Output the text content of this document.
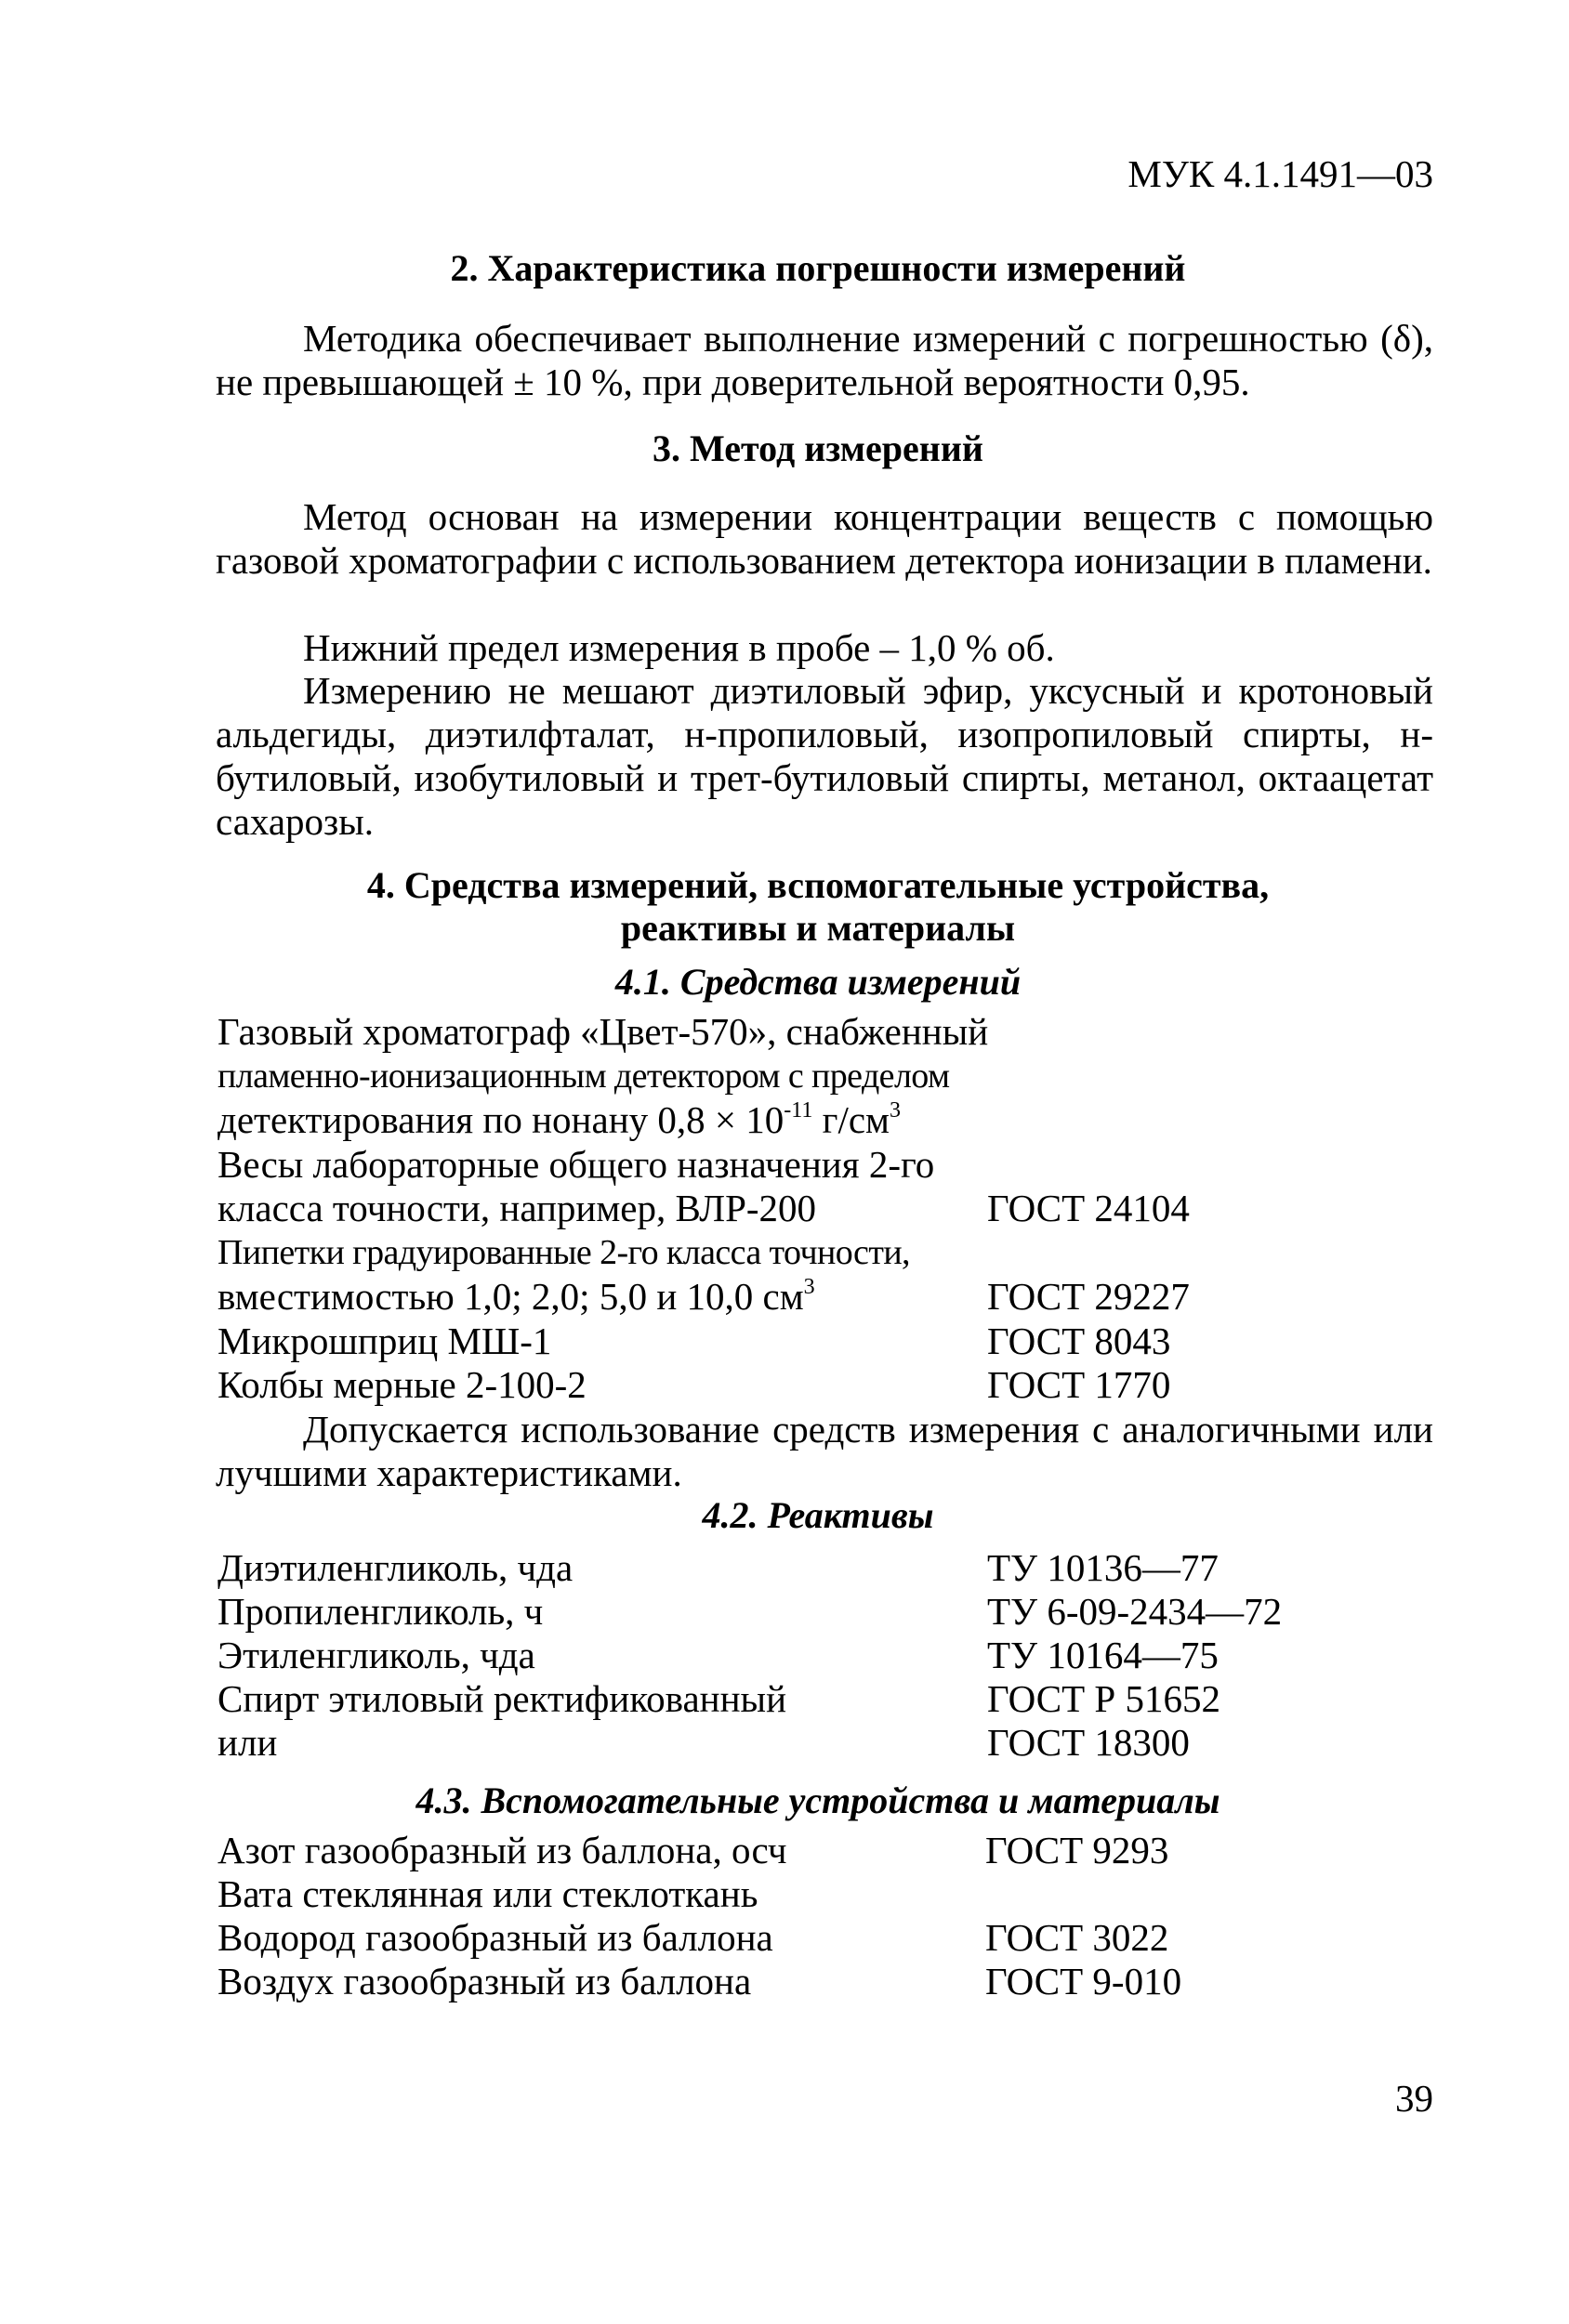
МУК 4.1.1491—03
2. Характеристика погрешности измерений
Методика обеспечивает выполнение измерений с погрешностью (δ), не превышающей ± 10 %, при доверительной вероятности 0,95.
3. Метод измерений
Метод основан на измерении концентрации веществ с помощью газовой хроматографии с использованием детектора ионизации в пламени.
Нижний предел измерения в пробе – 1,0 % об.
Измерению не мешают диэтиловый эфир, уксусный и кротоновый альдегиды, диэтилфталат, н-пропиловый, изопропиловый спирты, н-бутиловый, изобутиловый и трет-бутиловый спирты, метанол, октаацетат сахарозы.
4. Средства измерений, вспомогательные устройства,
реактивы и материалы
4.1. Средства измерений
Газовый хроматограф «Цвет-570», снабженный
пламенно-ионизационным детектором с пределом
детектирования по нонану $0,8 \times 10^{-11}$ $г/см^3$
Весы лабораторные общего назначения 2-го
класса точности, например, ВЛР-200	ГОСТ 24104
Пипетки градуированные 2-го класса точности,
вместимостью 1,0; 2,0; 5,0 и 10,0 $см^3$	ГОСТ 29227
Микрошприц МШ-1	ГОСТ 8043
Колбы мерные 2-100-2	ГОСТ 1770
Допускается использование средств измерения с аналогичными или лучшими характеристиками.
4.2. Реактивы
Диэтиленгликоль, чда	ТУ 10136—77
Пропиленгликоль, ч	ТУ 6-09-2434—72
Этиленгликоль, чда	ТУ 10164—75
Спирт этиловый ректификованный	ГОСТ Р 51652
или	ГОСТ 18300
4.3. Вспомогательные устройства и материалы
Азот газообразный из баллона, осч	ГОСТ 9293
Вата стеклянная или стеклоткань
Водород газообразный из баллона	ГОСТ 3022
Воздух газообразный из баллона	ГОСТ 9-010
39
